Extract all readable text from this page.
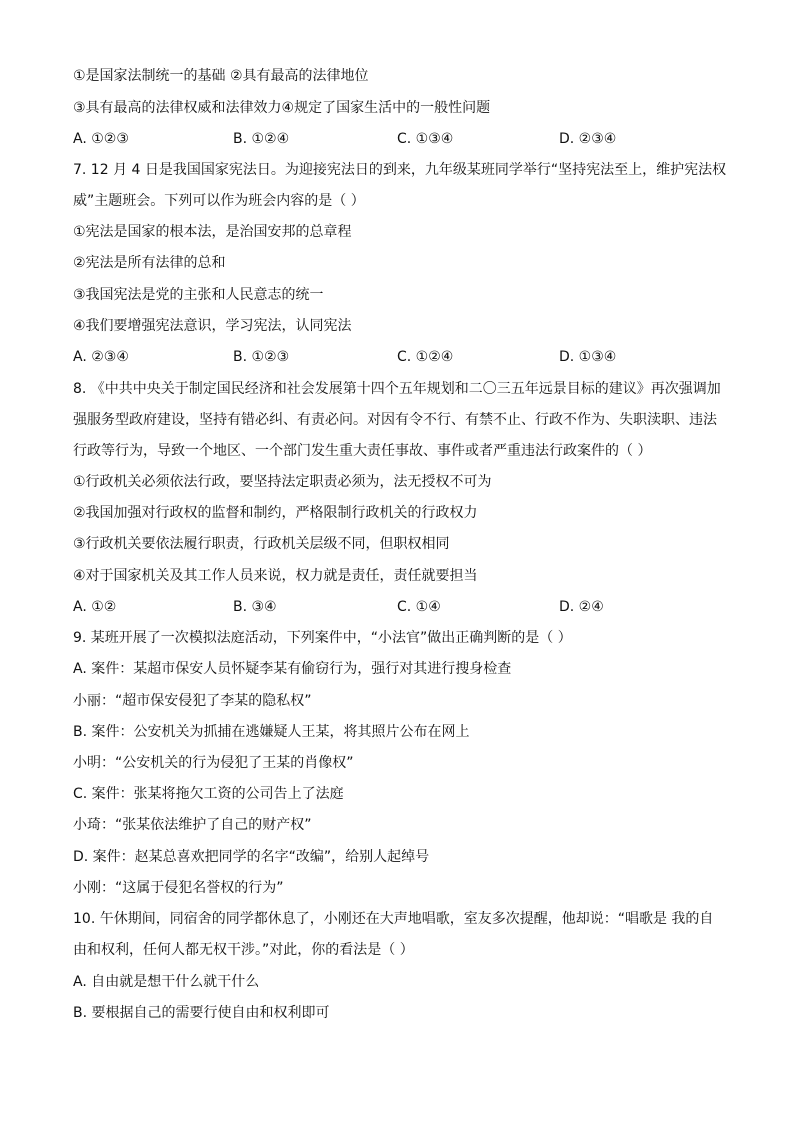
①是国家法制统一的基础 ②具有最高的法律地位
③具有最高的法律权威和法律效力④规定了国家生活中的一般性问题
A. ①②③	B. ①②④	C. ①③④	D. ②③④
7. 12 月 4 日是我国国家宪法日。为迎接宪法日的到来，九年级某班同学举行“坚持宪法至上，维护宪法权
威”主题班会。下列可以作为班会内容的是（ ）
①宪法是国家的根本法，是治国安邦的总章程
②宪法是所有法律的总和
③我国宪法是党的主张和人民意志的统一
④我们要增强宪法意识，学习宪法，认同宪法
A. ②③④	B. ①②③	C. ①②④	D. ①③④
8. 《中共中央关于制定国民经济和社会发展第十四个五年规划和二〇三五年远景目标的建议》再次强调加
强服务型政府建设，坚持有错必纠、有责必问。对因有令不行、有禁不止、行政不作为、失职渎职、违法
行政等行为，导致一个地区、一个部门发生重大责任事故、事件或者严重违法行政案件的（ ）
①行政机关必须依法行政，要坚持法定职责必须为，法无授权不可为
②我国加强对行政权的监督和制约，严格限制行政机关的行政权力
③行政机关要依法履行职责，行政机关层级不同，但职权相同
④对于国家机关及其工作人员来说，权力就是责任，责任就要担当
A. ①②	B. ③④	C. ①④	D. ②④
9. 某班开展了一次模拟法庭活动，下列案件中，“小法官”做出正确判断的是（ ）
A. 案件：某超市保安人员怀疑李某有偷窃行为，强行对其进行搜身检查
小丽：“超市保安侵犯了李某的隐私权”
B. 案件：公安机关为抓捕在逃嫌疑人王某，将其照片公布在网上
小明：“公安机关的行为侵犯了王某的肖像权”
C. 案件：张某将拖欠工资的公司告上了法庭
小琦：“张某依法维护了自己的财产权”
D. 案件：赵某总喜欢把同学的名字“改编”，给别人起绰号
小刚：“这属于侵犯名誉权的行为”
10. 午休期间，同宿舍的同学都休息了，小刚还在大声地唱歌，室友多次提醒，他却说：“唱歌是 我的自
由和权利，任何人都无权干涉。”对此，你的看法是（ ）
A. 自由就是想干什么就干什么
B. 要根据自己的需要行使自由和权利即可
